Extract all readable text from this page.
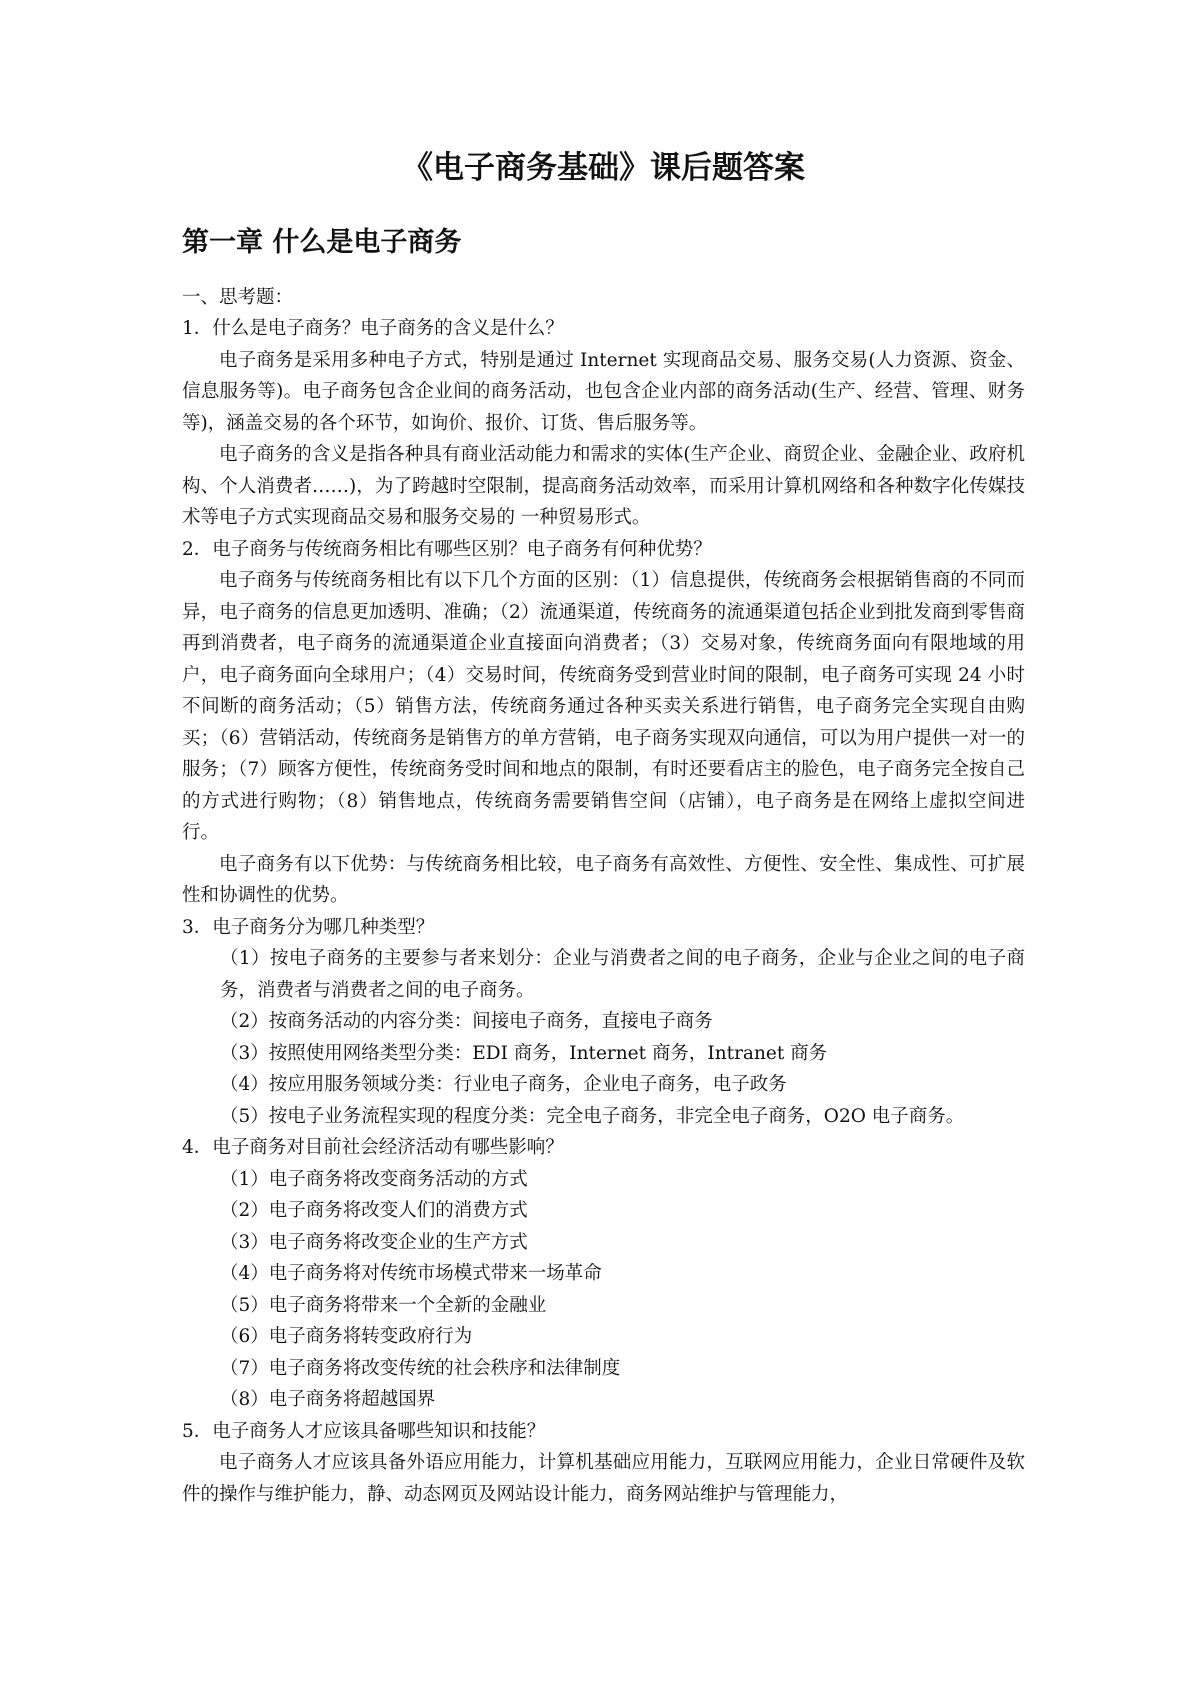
《电子商务基础》课后题答案
第一章 什么是电子商务

一、思考题：

1．什么是电子商务？电子商务的含义是什么？

电子商务是采用多种电子方式，特别是通过 Internet 实现商品交易、服务交易(人力资源、资金、信息服务等)。电子商务包含企业间的商务活动，也包含企业内部的商务活动(生产、经营、管理、财务等)，涵盖交易的各个环节，如询价、报价、订货、售后服务等。

电子商务的含义是指各种具有商业活动能力和需求的实体(生产企业、商贸企业、金融企业、政府机构、个人消费者……)，为了跨越时空限制，提高商务活动效率，而采用计算机网络和各种数字化传媒技术等电子方式实现商品交易和服务交易的 一种贸易形式。

2．电子商务与传统商务相比有哪些区别？电子商务有何种优势？

电子商务与传统商务相比有以下几个方面的区别：（1）信息提供，传统商务会根据销售商的不同而异，电子商务的信息更加透明、准确；（2）流通渠道，传统商务的流通渠道包括企业到批发商到零售商再到消费者，电子商务的流通渠道企业直接面向消费者；（3）交易对象，传统商务面向有限地域的用户，电子商务面向全球用户；（4）交易时间，传统商务受到营业时间的限制，电子商务可实现 24 小时不间断的商务活动；（5）销售方法，传统商务通过各种买卖关系进行销售，电子商务完全实现自由购买；（6）营销活动，传统商务是销售方的单方营销，电子商务实现双向通信，可以为用户提供一对一的服务；（7）顾客方便性，传统商务受时间和地点的限制，有时还要看店主的脸色，电子商务完全按自己的方式进行购物；（8）销售地点，传统商务需要销售空间（店铺），电子商务是在网络上虚拟空间进行。

电子商务有以下优势：与传统商务相比较，电子商务有高效性、方便性、安全性、集成性、可扩展性和协调性的优势。

3．电子商务分为哪几种类型？

（1）按电子商务的主要参与者来划分：企业与消费者之间的电子商务，企业与企业之间的电子商务，消费者与消费者之间的电子商务。

（2）按商务活动的内容分类：间接电子商务，直接电子商务

（3）按照使用网络类型分类：EDI 商务，Internet 商务，Intranet 商务

（4）按应用服务领域分类：行业电子商务，企业电子商务，电子政务

（5）按电子业务流程实现的程度分类：完全电子商务，非完全电子商务，O2O 电子商务。

4．电子商务对目前社会经济活动有哪些影响？

（1）电子商务将改变商务活动的方式

（2）电子商务将改变人们的消费方式

（3）电子商务将改变企业的生产方式

（4）电子商务将对传统市场模式带来一场革命

（5）电子商务将带来一个全新的金融业

（6）电子商务将转变政府行为

（7）电子商务将改变传统的社会秩序和法律制度

（8）电子商务将超越国界

5．电子商务人才应该具备哪些知识和技能？

电子商务人才应该具备外语应用能力，计算机基础应用能力，互联网应用能力，企业日常硬件及软件的操作与维护能力，静、动态网页及网站设计能力，商务网站维护与管理能力，
